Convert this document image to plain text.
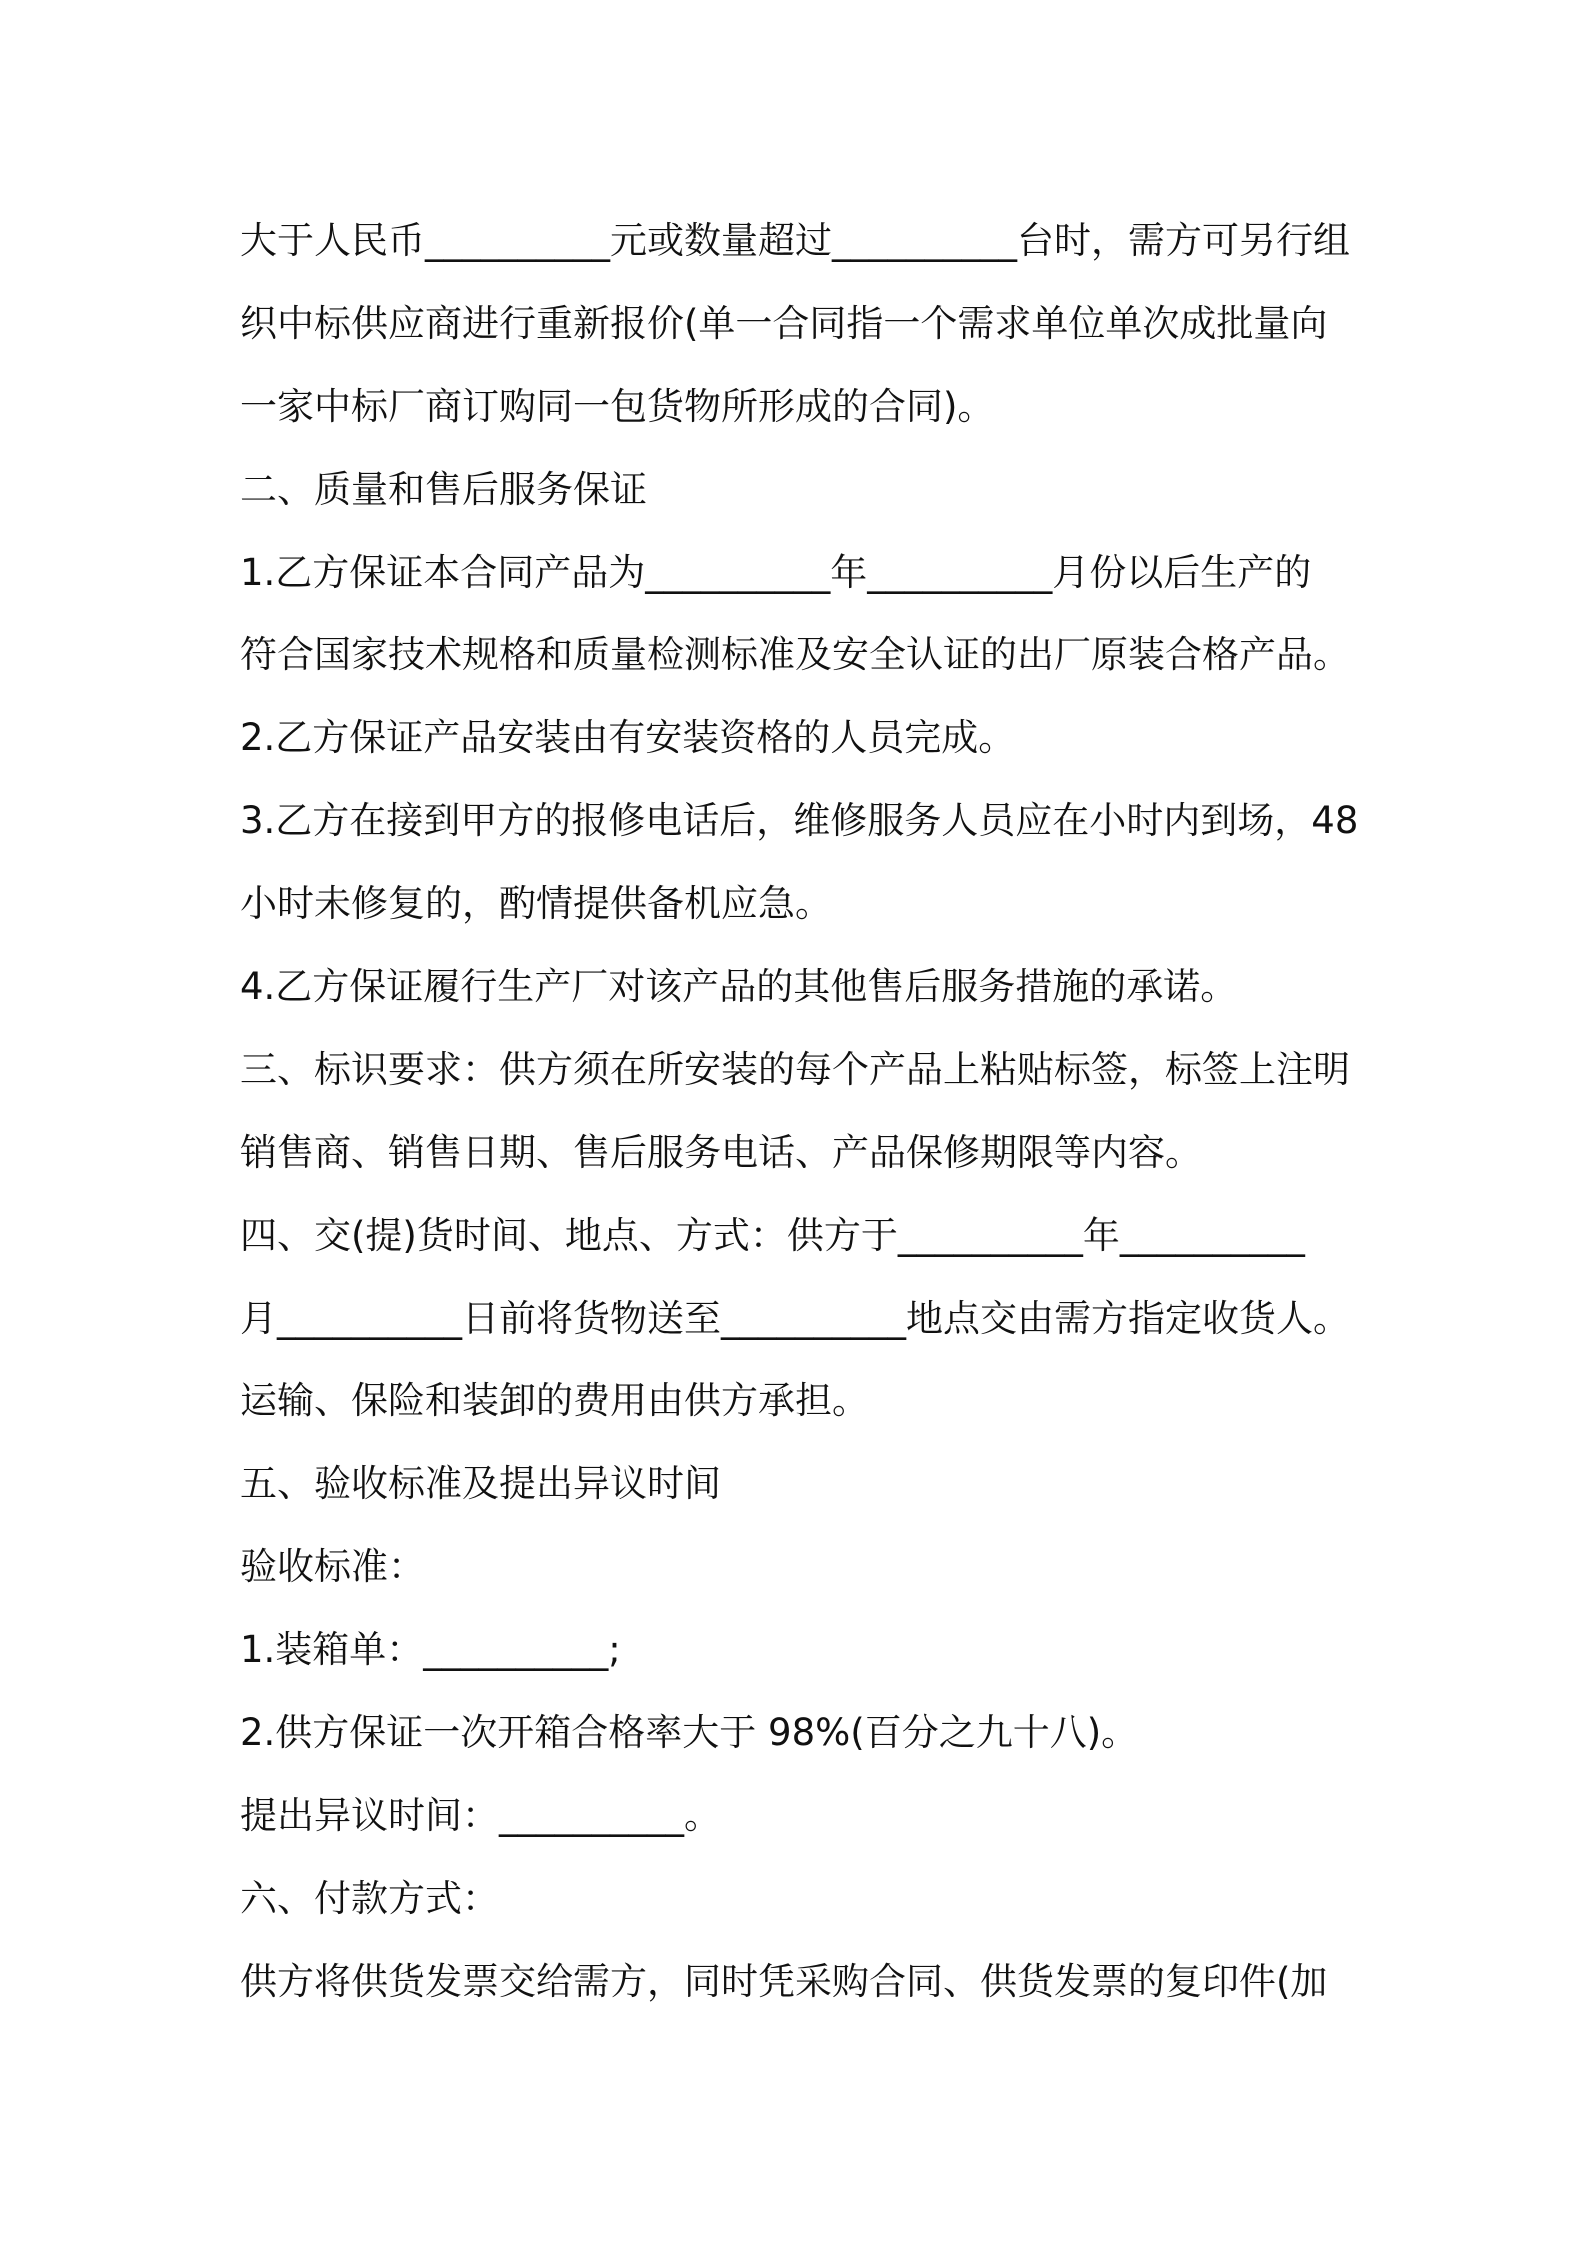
大于人民币__________元或数量超过__________台时，需方可另行组
织中标供应商进行重新报价(单一合同指一个需求单位单次成批量向
一家中标厂商订购同一包货物所形成的合同)。
二、质量和售后服务保证
1.乙方保证本合同产品为__________年__________月份以后生产的
符合国家技术规格和质量检测标准及安全认证的出厂原装合格产品。
2.乙方保证产品安装由有安装资格的人员完成。
3.乙方在接到甲方的报修电话后，维修服务人员应在小时内到场，48
小时未修复的，酌情提供备机应急。
4.乙方保证履行生产厂对该产品的其他售后服务措施的承诺。
三、标识要求：供方须在所安装的每个产品上粘贴标签，标签上注明
销售商、销售日期、售后服务电话、产品保修期限等内容。
四、交(提)货时间、地点、方式：供方于__________年__________
月__________日前将货物送至__________地点交由需方指定收货人。
运输、保险和装卸的费用由供方承担。
五、验收标准及提出异议时间
验收标准：
1.装箱单：__________;
2.供方保证一次开箱合格率大于 98%(百分之九十八)。
提出异议时间：__________。
六、付款方式：
供方将供货发票交给需方，同时凭采购合同、供货发票的复印件(加
